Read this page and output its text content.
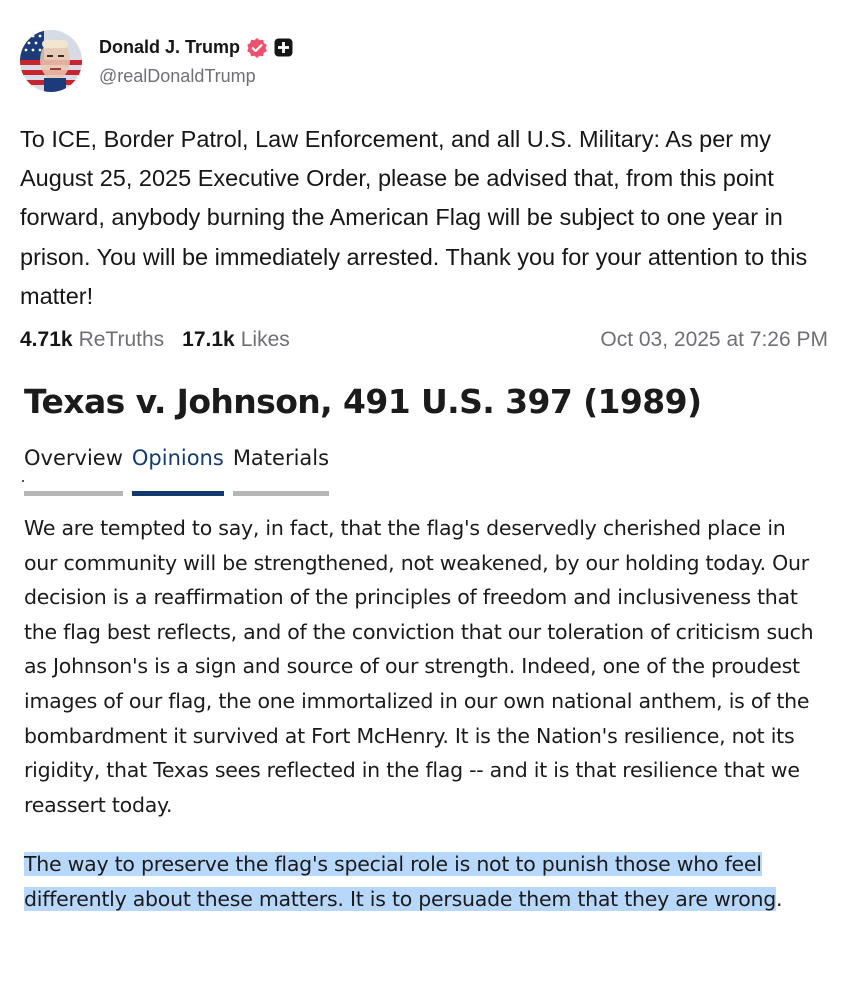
Donald J. Trump
@realDonaldTrump
To ICE, Border Patrol, Law Enforcement, and all U.S. Military: As per my August 25, 2025 Executive Order, please be advised that, from this point forward, anybody burning the American Flag will be subject to one year in prison. You will be immediately arrested. Thank you for your attention to this matter!
4.71k ReTruths 17.1k Likes	Oct 03, 2025 at 7:26 PM
Texas v. Johnson, 491 U.S. 397 (1989)
Overview Opinions Materials

We are tempted to say, in fact, that the flag's deservedly cherished place in our community will be strengthened, not weakened, by our holding today. Our decision is a reaffirmation of the principles of freedom and inclusiveness that the flag best reflects, and of the conviction that our toleration of criticism such as Johnson's is a sign and source of our strength. Indeed, one of the proudest images of our flag, the one immortalized in our own national anthem, is of the bombardment it survived at Fort McHenry. It is the Nation's resilience, not its rigidity, that Texas sees reflected in the flag -- and it is that resilience that we reassert today.

The way to preserve the flag's special role is not to punish those who feel differently about these matters. It is to persuade them that they are wrong.
